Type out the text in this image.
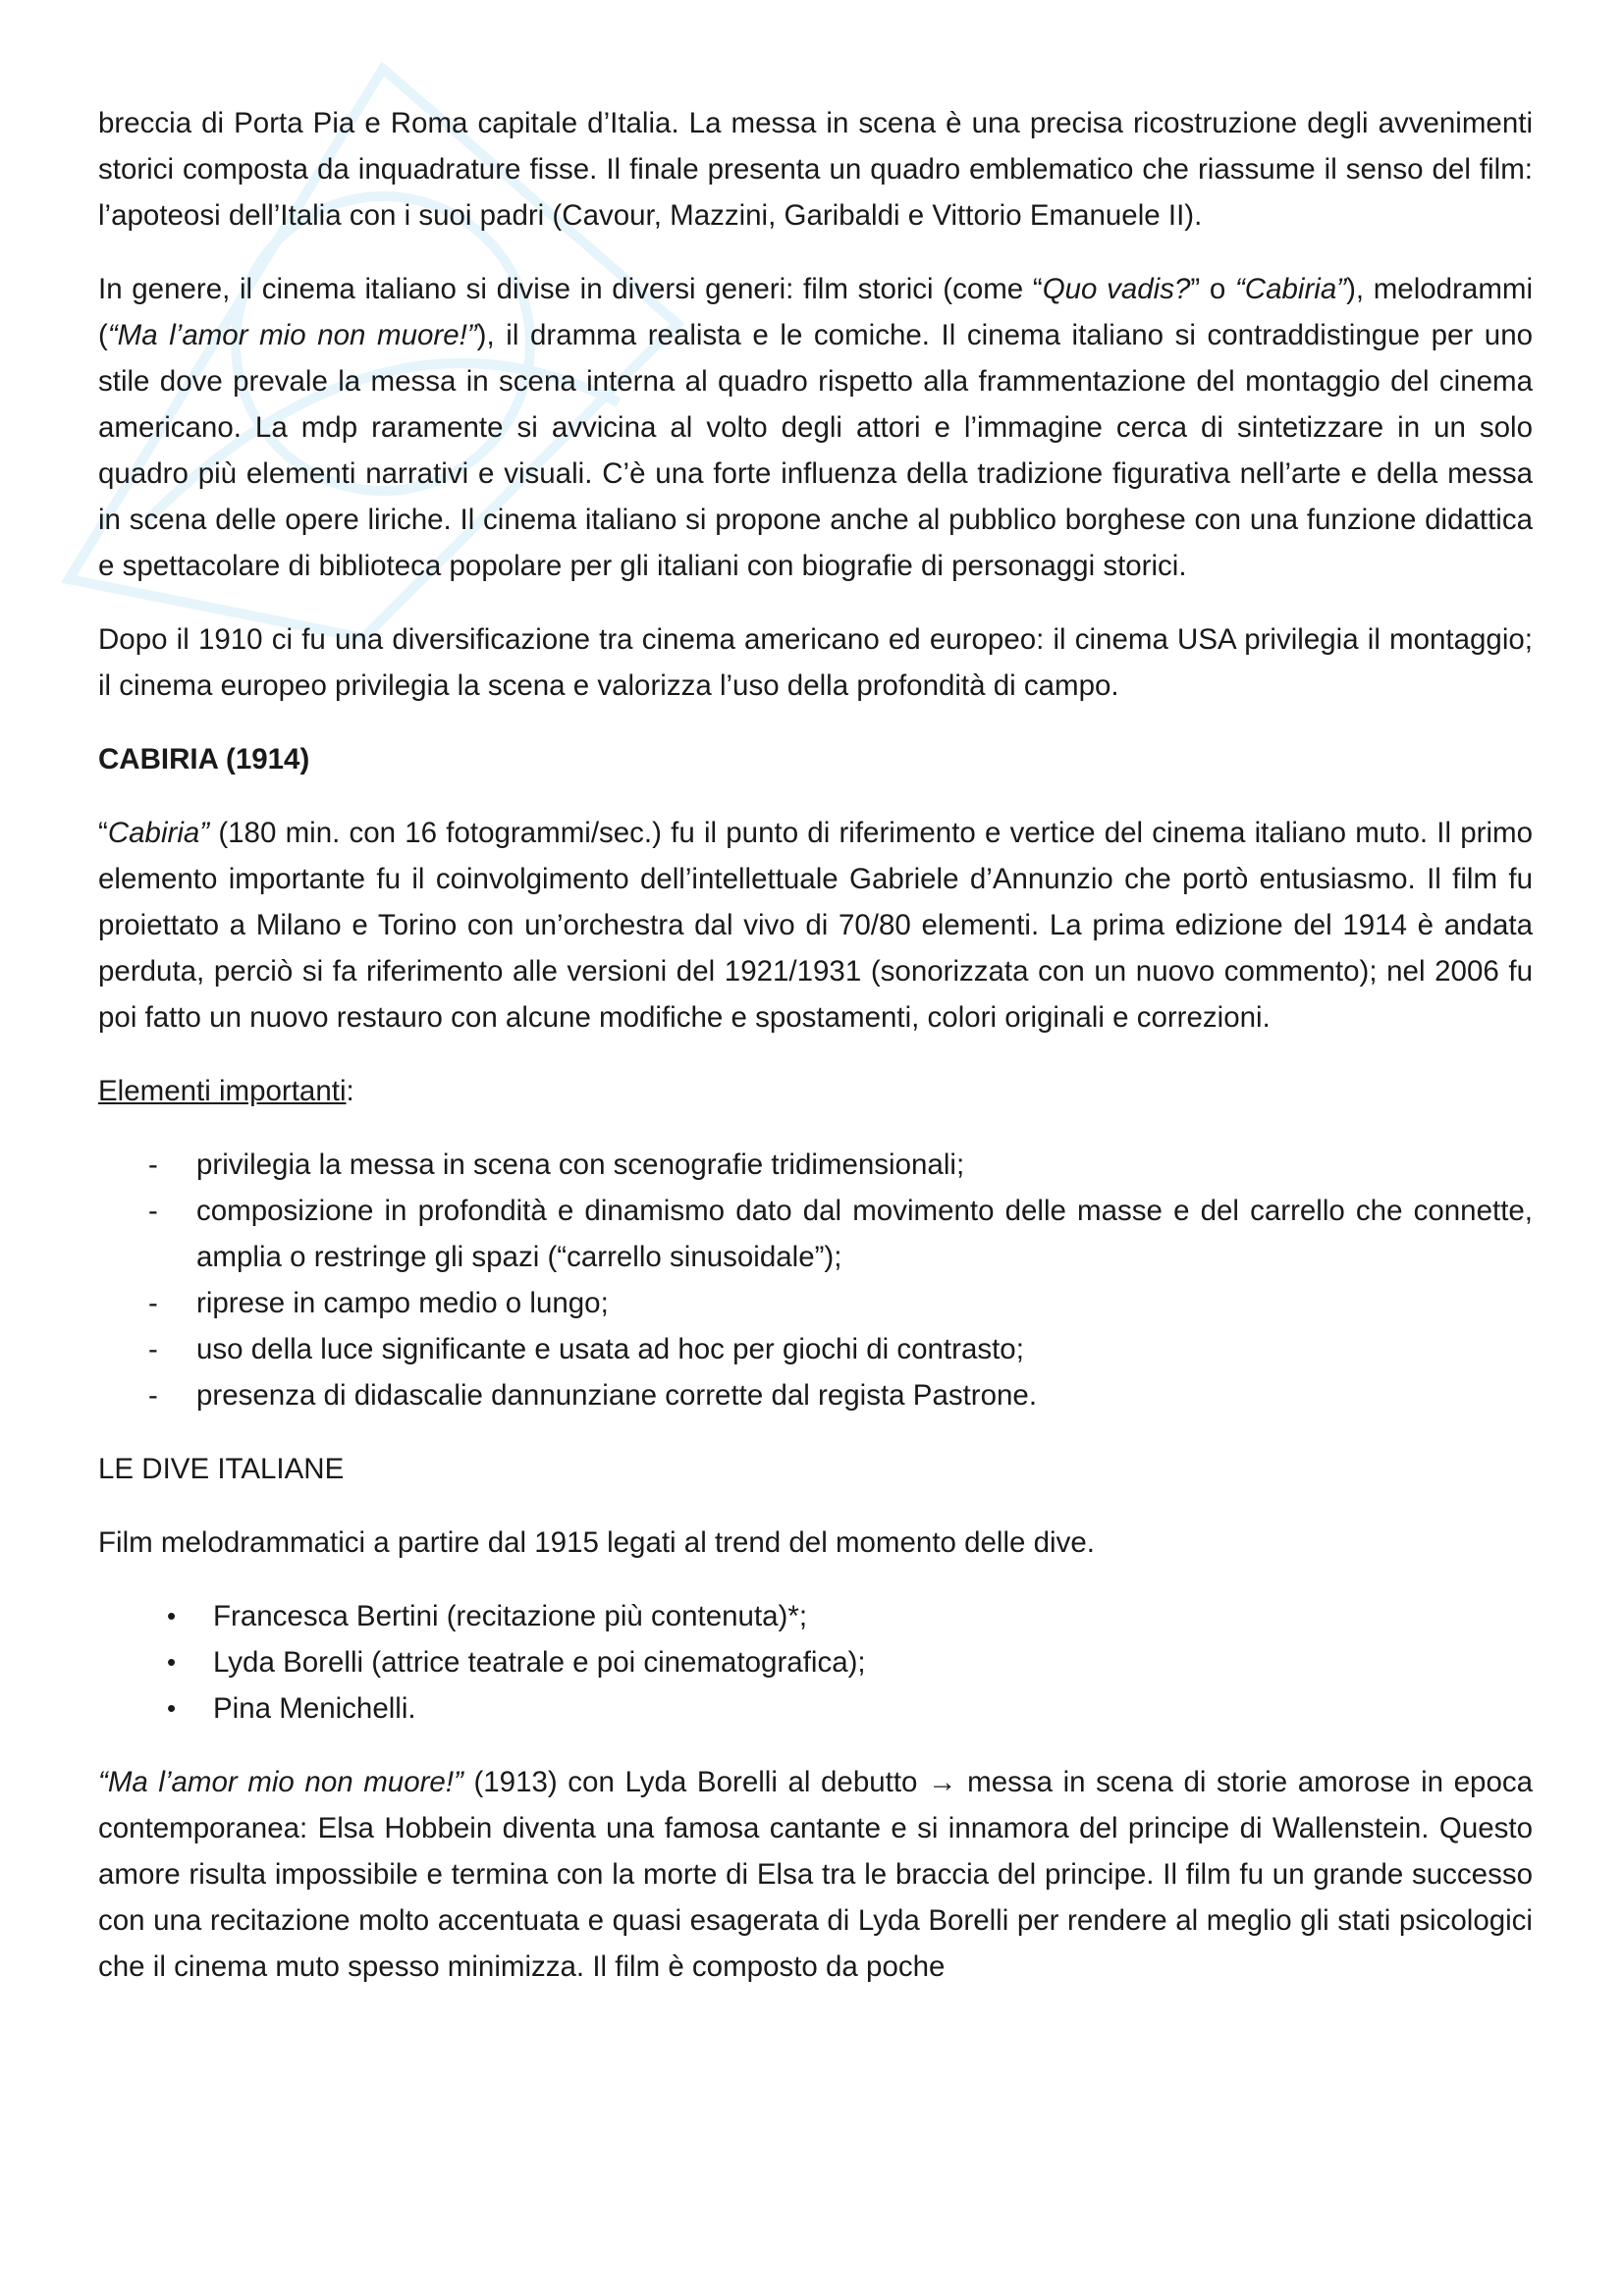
breccia di Porta Pia e Roma capitale d’Italia. La messa in scena è una precisa ricostruzione degli avvenimenti storici composta da inquadrature fisse. Il finale presenta un quadro emblematico che riassume il senso del film: l’apoteosi dell’Italia con i suoi padri (Cavour, Mazzini, Garibaldi e Vittorio Emanuele II).

In genere, il cinema italiano si divise in diversi generi: film storici (come “Quo vadis?” o “Cabiria”), melodrammi (“Ma l’amor mio non muore!”), il dramma realista e le comiche. Il cinema italiano si contraddistingue per uno stile dove prevale la messa in scena interna al quadro rispetto alla frammentazione del montaggio del cinema americano. La mdp raramente si avvicina al volto degli attori e l’immagine cerca di sintetizzare in un solo quadro più elementi narrativi e visuali. C’è una forte influenza della tradizione figurativa nell’arte e della messa in scena delle opere liriche. Il cinema italiano si propone anche al pubblico borghese con una funzione didattica e spettacolare di biblioteca popolare per gli italiani con biografie di personaggi storici.

Dopo il 1910 ci fu una diversificazione tra cinema americano ed europeo: il cinema USA privilegia il montaggio; il cinema europeo privilegia la scena e valorizza l’uso della profondità di campo.

CABIRIA (1914)

“Cabiria” (180 min. con 16 fotogrammi/sec.) fu il punto di riferimento e vertice del cinema italiano muto. Il primo elemento importante fu il coinvolgimento dell’intellettuale Gabriele d’Annunzio che portò entusiasmo. Il film fu proiettato a Milano e Torino con un’orchestra dal vivo di 70/80 elementi. La prima edizione del 1914 è andata perduta, perciò si fa riferimento alle versioni del 1921/1931 (sonorizzata con un nuovo commento); nel 2006 fu poi fatto un nuovo restauro con alcune modifiche e spostamenti, colori originali e correzioni.

Elementi importanti:

- privilegia la messa in scena con scenografie tridimensionali;
- composizione in profondità e dinamismo dato dal movimento delle masse e del carrello che connette, amplia o restringe gli spazi (“carrello sinusoidale”);
- riprese in campo medio o lungo;
- uso della luce significante e usata ad hoc per giochi di contrasto;
- presenza di didascalie dannunziane corrette dal regista Pastrone.

LE DIVE ITALIANE

Film melodrammatici a partire dal 1915 legati al trend del momento delle dive.

• Francesca Bertini (recitazione più contenuta)*;
• Lyda Borelli (attrice teatrale e poi cinematografica);
• Pina Menichelli.

“Ma l’amor mio non muore!” (1913) con Lyda Borelli al debutto → messa in scena di storie amorose in epoca contemporanea: Elsa Hobbein diventa una famosa cantante e si innamora del principe di Wallenstein. Questo amore risulta impossibile e termina con la morte di Elsa tra le braccia del principe. Il film fu un grande successo con una recitazione molto accentuata e quasi esagerata di Lyda Borelli per rendere al meglio gli stati psicologici che il cinema muto spesso minimizza. Il film è composto da poche
